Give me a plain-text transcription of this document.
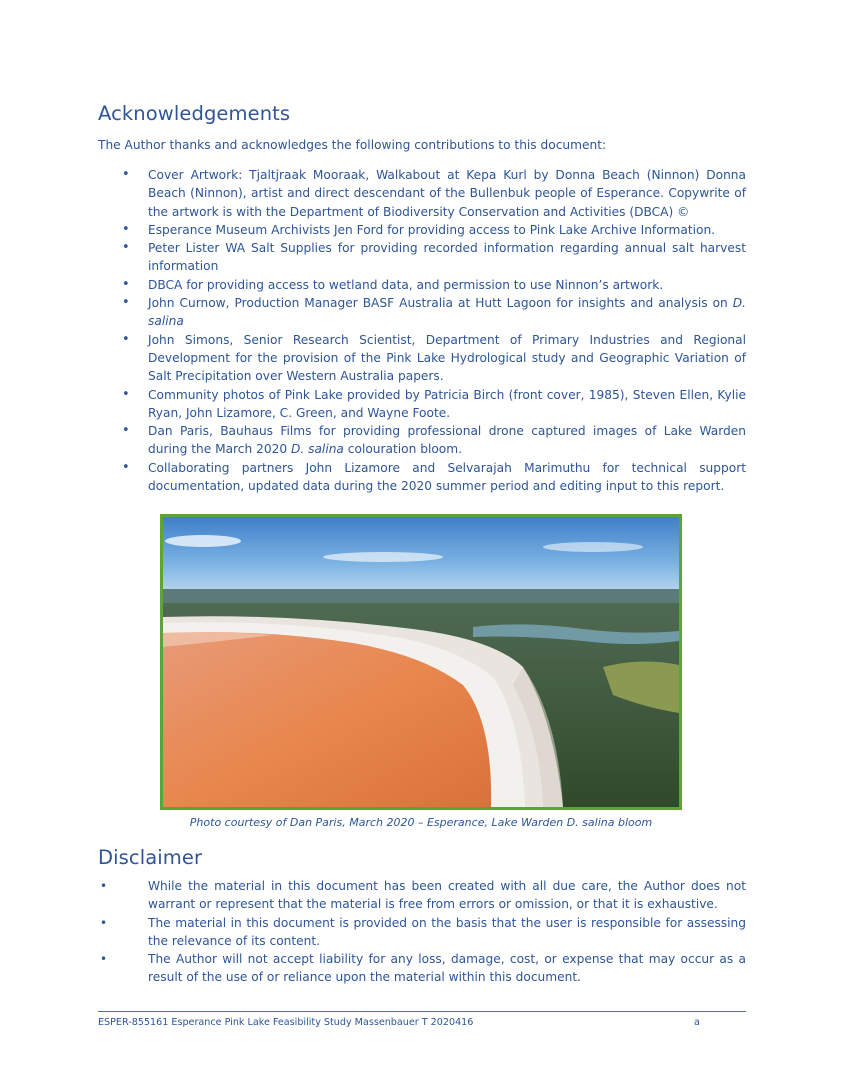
Acknowledgements

The Author thanks and acknowledges the following contributions to this document:

•	Cover Artwork: Tjaltjraak Mooraak, Walkabout at Kepa Kurl by Donna Beach (Ninnon) Donna Beach (Ninnon), artist and direct descendant of the Bullenbuk people of Esperance. Copywrite of the artwork is with the Department of Biodiversity Conservation and Activities (DBCA) ©
•	Esperance Museum Archivists Jen Ford for providing access to Pink Lake Archive Information.
•	Peter Lister WA Salt Supplies for providing recorded information regarding annual salt harvest information
•	DBCA for providing access to wetland data, and permission to use Ninnon’s artwork.
•	John Curnow, Production Manager BASF Australia at Hutt Lagoon for insights and analysis on D. salina
•	John Simons, Senior Research Scientist, Department of Primary Industries and Regional Development for the provision of the Pink Lake Hydrological study and Geographic Variation of Salt Precipitation over Western Australia papers.
•	Community photos of Pink Lake provided by Patricia Birch (front cover, 1985), Steven Ellen, Kylie Ryan, John Lizamore, C. Green, and Wayne Foote.
•	Dan Paris, Bauhaus Films for providing professional drone captured images of Lake Warden during the March 2020 D. salina colouration bloom.
•	Collaborating partners John Lizamore and Selvarajah Marimuthu for technical support documentation, updated data during the 2020 summer period and editing input to this report.

Photo courtesy of Dan Paris, March 2020 – Esperance, Lake Warden D. salina bloom

Disclaimer
•	While the material in this document has been created with all due care, the Author does not warrant or represent that the material is free from errors or omission, or that it is exhaustive.
•	The material in this document is provided on the basis that the user is responsible for assessing the relevance of its content.
•	The Author will not accept liability for any loss, damage, cost, or expense that may occur as a result of the use of or reliance upon the material within this document.
ESPER-855161 Esperance Pink Lake Feasibility Study Massenbauer T 2020416	a
